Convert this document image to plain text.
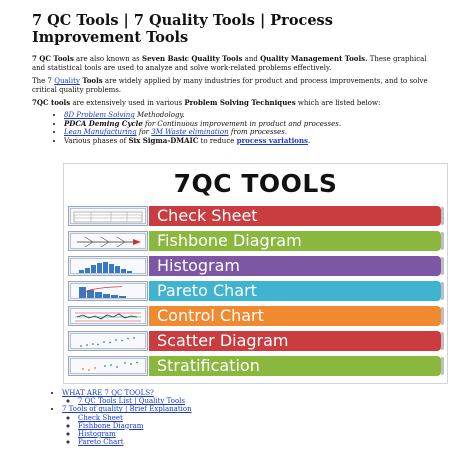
7 QC Tools | 7 Quality Tools | Process
Improvement Tools

7 QC Tools are also known as Seven Basic Quality Tools and Quality Management Tools. These graphical and statistical tools are used to analyze and solve work-related problems effectively.

The 7 Quality Tools are widely applied by many industries for product and process improvements, and to solve critical quality problems.

7QC tools are extensively used in various Problem Solving Techniques which are listed below:

• 8D Problem Solving Methodology.
• PDCA Deming Cycle for Continuous improvement in product and processes.
• Lean Manufacturing for 3M Waste elimination from processes.
• Various phases of Six Sigma-DMAIC to reduce process variations.
7QC TOOLS
Check Sheet
Fishbone Diagram
Histogram
Pareto Chart
Control Chart
Scatter Diagram
Stratification
• WHAT ARE 7 QC TOOLS?
◦ 7 QC Tools List | Quality Tools
• 7 Tools of quality | Brief Explanation
◦ Check Sheet
◦ Fishbone Diagram
◦ Histogram
◦ Pareto Chart
